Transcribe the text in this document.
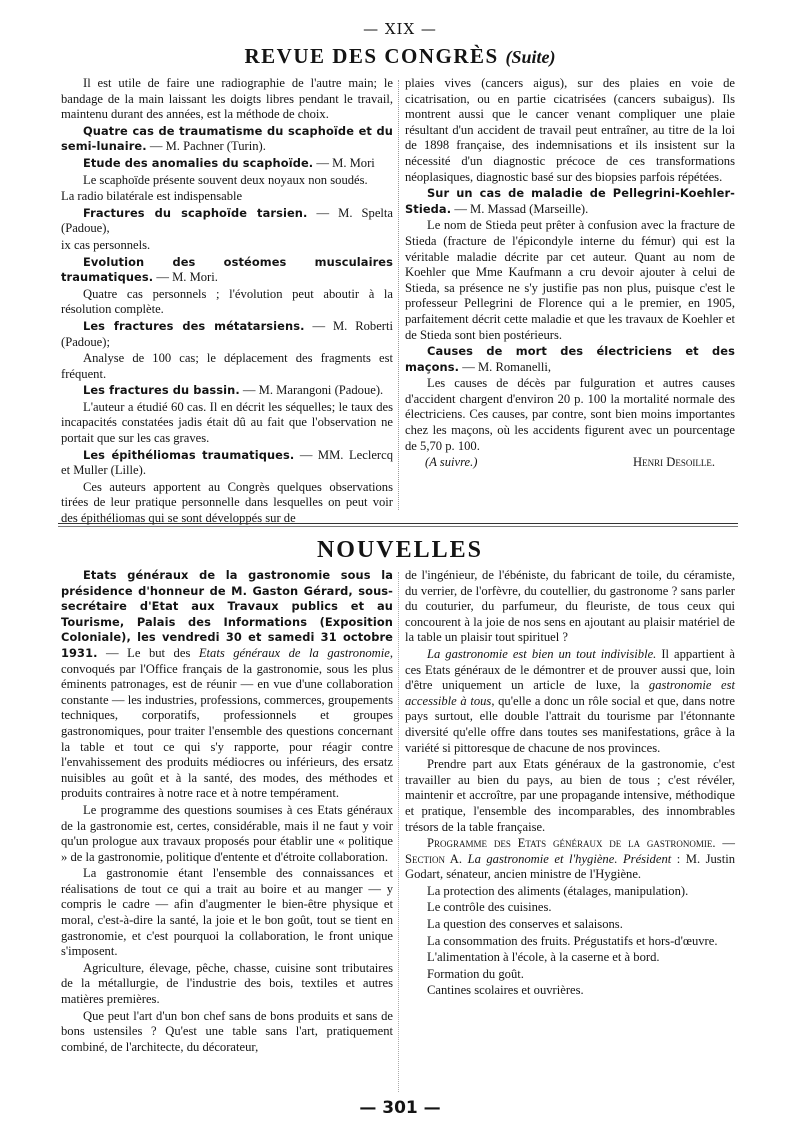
— XIX —
REVUE DES CONGRÈS (Suite)

Il est utile de faire une radiographie de l'autre main; le bandage de la main laissant les doigts libres pendant le travail, maintenu durant des années, est la méthode de choix.

Quatre cas de traumatisme du scaphoïde et du semi-lunaire. — M. Pachner (Turin).

Etude des anomalies du scaphoïde. — M. Mori

Le scaphoïde présente souvent deux noyaux non soudés.

La radio bilatérale est indispensable

Fractures du scaphoïde tarsien. — M. Spelta (Padoue),

ix cas personnels.

Evolution des ostéomes musculaires traumatiques. — M. Mori.

Quatre cas personnels ; l'évolution peut aboutir à la résolution complète.

Les fractures des métatarsiens. — M. Roberti (Padoue);

Analyse de 100 cas; le déplacement des fragments est fréquent.

Les fractures du bassin. — M. Marangoni (Padoue).

L'auteur a étudié 60 cas. Il en décrit les séquelles; le taux des incapacités constatées jadis était dû au fait que l'observation ne portait que sur les cas graves.

Les épithéliomas traumatiques. — MM. Leclercq et Muller (Lille).

Ces auteurs apportent au Congrès quelques observations tirées de leur pratique personnelle dans lesquelles on peut voir des épithéliomas qui se sont développés sur de

plaies vives (cancers aigus), sur des plaies en voie de cicatrisation, ou en partie cicatrisées (cancers subaigus). Ils montrent aussi que le cancer venant compliquer une plaie résultant d'un accident de travail peut entraîner, au titre de la loi de 1898 française, des indemnisations et ils insistent sur la nécessité d'un diagnostic précoce de ces transformations néoplasiques, diagnostic basé sur des biopsies parfois répétées.

Sur un cas de maladie de Pellegrini-Koehler-Stieda. — M. Massad (Marseille).

Le nom de Stieda peut prêter à confusion avec la fracture de Stieda (fracture de l'épicondyle interne du fémur) qui est la véritable maladie décrite par cet auteur. Quant au nom de Koehler que Mme Kaufmann a cru devoir ajouter à celui de Stieda, sa présence ne s'y justifie pas non plus, puisque c'est le professeur Pellegrini de Florence qui a le premier, en 1905, parfaitement décrit cette maladie et que les travaux de Koehler et de Stieda sont bien postérieurs.

Causes de mort des électriciens et des maçons. — M. Romanelli,

Les causes de décès par fulguration et autres causes d'accident chargent d'environ 20 p. 100 la mortalité normale des électriciens. Ces causes, par contre, sont bien moins importantes chez les maçons, où les accidents figurent avec un pourcentage de 5,70 p. 100.

(A suivre.)	Henri Desoille.
NOUVELLES

Etats généraux de la gastronomie sous la présidence d'honneur de M. Gaston Gérard, sous-secrétaire d'Etat aux Travaux publics et au Tourisme, Palais des Informations (Exposition Coloniale), les vendredi 30 et samedi 31 octobre 1931. — Le but des Etats généraux de la gastronomie, convoqués par l'Office français de la gastronomie, sous les plus éminents patronages, est de réunir — en vue d'une collaboration constante — les industries, professions, commerces, groupements techniques, corporatifs, professionnels et groupes gastronomiques, pour traiter l'ensemble des questions concernant la table et tout ce qui s'y rapporte, pour réagir contre l'envahissement des produits médiocres ou inférieurs, des ersatz nuisibles au goût et à la santé, des modes, des méthodes et produits contraires à notre race et à notre tempérament.

Le programme des questions soumises à ces Etats généraux de la gastronomie est, certes, considérable, mais il ne faut y voir qu'un prologue aux travaux proposés pour établir une « politique » de la gastronomie, politique d'entente et d'étroite collaboration.

La gastronomie étant l'ensemble des connaissances et réalisations de tout ce qui a trait au boire et au manger — y compris le cadre — afin d'augmenter le bien-être physique et moral, c'est-à-dire la santé, la joie et le bon goût, tout se tient en gastronomie, et c'est pourquoi la collaboration, le front unique s'imposent.

Agriculture, élevage, pêche, chasse, cuisine sont tributaires de la métallurgie, de l'industrie des bois, textiles et autres matières premières.

Que peut l'art d'un bon chef sans de bons produits et sans de bons ustensiles ? Qu'est une table sans l'art, pratiquement combiné, de l'architecte, du décorateur,

de l'ingénieur, de l'ébéniste, du fabricant de toile, du céramiste, du verrier, de l'orfèvre, du coutellier, du gastronome ? sans parler du couturier, du parfumeur, du fleuriste, de tous ceux qui concourent à la joie de nos sens en ajoutant au plaisir matériel de la table un plaisir tout spirituel ?

La gastronomie est bien un tout indivisible. Il appartient à ces Etats généraux de le démontrer et de prouver aussi que, loin d'être uniquement un article de luxe, la gastronomie est accessible à tous, qu'elle a donc un rôle social et que, dans notre pays surtout, elle double l'attrait du tourisme par l'étonnante diversité qu'elle offre dans toutes ses manifestations, grâce à la variété si pittoresque de chacune de nos provinces.

Prendre part aux Etats généraux de la gastronomie, c'est travailler au bien du pays, au bien de tous ; c'est révéler, maintenir et accroître, par une propagande intensive, méthodique et pratique, l'ensemble des incomparables, des innombrables trésors de la table française.

Programme des Etats généraux de la gastronomie. — Section A. La gastronomie et l'hygiène. Président : M. Justin Godart, sénateur, ancien ministre de l'Hygiène.

La protection des aliments (étalages, manipulation).

Le contrôle des cuisines.

La question des conserves et salaisons.

La consommation des fruits. Prégustatifs et hors-d'œuvre.

L'alimentation à l'école, à la caserne et à bord.

Formation du goût.

Cantines scolaires et ouvrières.

— 301 —
